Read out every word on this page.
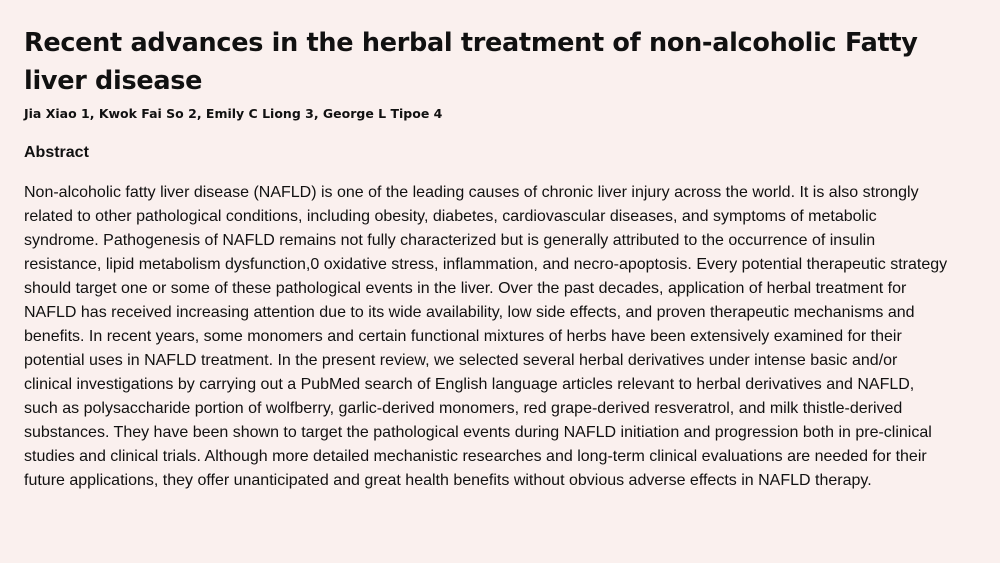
Recent advances in the herbal treatment of non-alcoholic Fatty liver disease
Jia Xiao 1, Kwok Fai So 2, Emily C Liong 3, George L Tipoe 4
Abstract

Non-alcoholic fatty liver disease (NAFLD) is one of the leading causes of chronic liver injury across the world. It is also strongly related to other pathological conditions, including obesity, diabetes, cardiovascular diseases, and symptoms of metabolic syndrome. Pathogenesis of NAFLD remains not fully characterized but is generally attributed to the occurrence of insulin resistance, lipid metabolism dysfunction,0 oxidative stress, inflammation, and necro-apoptosis. Every potential therapeutic strategy should target one or some of these pathological events in the liver. Over the past decades, application of herbal treatment for NAFLD has received increasing attention due to its wide availability, low side effects, and proven therapeutic mechanisms and benefits. In recent years, some monomers and certain functional mixtures of herbs have been extensively examined for their potential uses in NAFLD treatment. In the present review, we selected several herbal derivatives under intense basic and/or clinical investigations by carrying out a PubMed search of English language articles relevant to herbal derivatives and NAFLD, such as polysaccharide portion of wolfberry, garlic-derived monomers, red grape-derived resveratrol, and milk thistle-derived substances. They have been shown to target the pathological events during NAFLD initiation and progression both in pre-clinical studies and clinical trials. Although more detailed mechanistic researches and long-term clinical evaluations are needed for their future applications, they offer unanticipated and great health benefits without obvious adverse effects in NAFLD therapy.
